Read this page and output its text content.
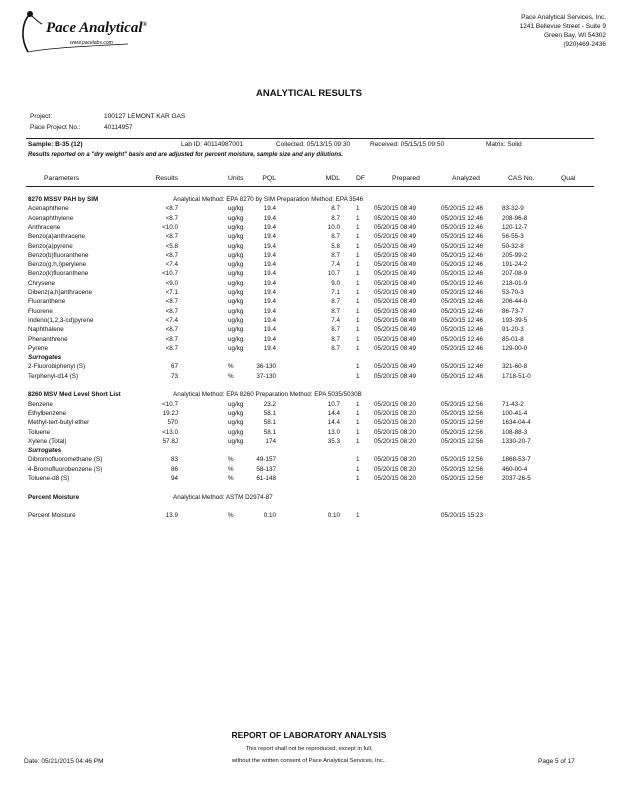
Pace Analytical®
www.pacelabs.com
Pace Analytical Services, Inc.
1241 Bellevue Street - Suite 9
Green Bay, WI 54302
(920)469-2436
ANALYTICAL RESULTS
Project:	100127 LEMONT KAR GAS
Pace Project No.:	40114957
Sample: B-35 (12)	Lab ID: 40114987001	Collected: 05/13/15 09:30	Received: 05/15/15 09:50	Matrix: Solid
Results reported on a "dry weight" basis and are adjusted for percent moisture, sample size and any dilutions.
Parameters	Results	Units	PQL	MDL DF	Prepared	Analyzed	CAS No.	Qual
8270 MSSV PAH by SIM	Analytical Method: EPA 8270 by SIM Preparation Method: EPA 3546
Acenaphthene	<8.7	ug/kg	19.4	8.7	1 05/20/15 08:49	05/20/15 12:46	83-32-9
Acenaphthylene	<8.7	ug/kg	19.4	8.7	1 05/20/15 08:49	05/20/15 12:46	208-96-8
Anthracene	<10.0	ug/kg	19.4	10.0	1 05/20/15 08:49	05/20/15 12:46	120-12-7
Benzo(a)anthracene	<8.7	ug/kg	19.4	8.7	1 05/20/15 08:49	05/20/15 12:46	56-55-3
Benzo(a)pyrene	<5.8	ug/kg	19.4	5.8	1 05/20/15 08:49	05/20/15 12:46	50-32-8
Benzo(b)fluoranthene	<8.7	ug/kg	19.4	8.7	1 05/20/15 08:49	05/20/15 12:46	205-99-2
Benzo(g,h,i)perylene	<7.4	ug/kg	19.4	7.4	1 05/20/15 08:49	05/20/15 12:46	191-24-2
Benzo(k)fluoranthene	<10.7	ug/kg	19.4	10.7	1 05/20/15 08:49	05/20/15 12:46	207-08-9
Chrysene	<9.0	ug/kg	19.4	9.0	1 05/20/15 08:49	05/20/15 12:46	218-01-9
Dibenz(a,h)anthracene	<7.1	ug/kg	19.4	7.1	1 05/20/15 08:49	05/20/15 12:46	53-70-3
Fluoranthene	<8.7	ug/kg	19.4	8.7	1 05/20/15 08:49	05/20/15 12:46	206-44-0
Fluorene	<8.7	ug/kg	19.4	8.7	1 05/20/15 08:49	05/20/15 12:46	86-73-7
Indeno(1,2,3-cd)pyrene	<7.4	ug/kg	19.4	7.4	1 05/20/15 08:49	05/20/15 12:46	193-39-5
Naphthalene	<8.7	ug/kg	19.4	8.7	1 05/20/15 08:49	05/20/15 12:46	91-20-3
Phenanthrene	<8.7	ug/kg	19.4	8.7	1 05/20/15 08:49	05/20/15 12:46	85-01-8
Pyrene	<8.7	ug/kg	19.4	8.7	1 05/20/15 08:49	05/20/15 12:46	129-00-0
Surrogates
2-Fluorobiphenyl (S)	67	%	36-130	1 05/20/15 08:49	05/20/15 12:46	321-60-8
Terphenyl-d14 (S)	73	%	37-130	1 05/20/15 08:49	05/20/15 12:46	1718-51-0
8260 MSV Med Level Short List	Analytical Method: EPA 8260 Preparation Method: EPA 5035/5030B
Benzene	<10.7	ug/kg	23.2	10.7	1 05/20/15 08:20	05/20/15 12:56	71-43-2
Ethylbenzene	19.2J	ug/kg	58.1	14.4	1 05/20/15 08:20	05/20/15 12:56	100-41-4
Methyl-tert-butyl ether	570	ug/kg	58.1	14.4	1 05/20/15 08:20	05/20/15 12:56	1634-04-4
Toluene	<13.0	ug/kg	58.1	13.0	1 05/20/15 08:20	05/20/15 12:56	108-88-3
Xylene (Total)	57.8J	ug/kg	174	35.3	1 05/20/15 08:20	05/20/15 12:56	1330-20-7
Surrogates
Dibromofluoromethane (S)	83	%	49-157	1 05/20/15 08:20	05/20/15 12:56	1868-53-7
4-Bromofluorobenzene (S)	86	%	58-137	1 05/20/15 08:20	05/20/15 12:56	460-00-4
Toluene-d8 (S)	94	%	61-148	1 05/20/15 08:20	05/20/15 12:56	2037-26-5
Percent Moisture	Analytical Method: ASTM D2974-87
Percent Moisture	13.9	%	0.10	0.10	1	05/20/15 15:23
REPORT OF LABORATORY ANALYSIS
This report shall not be reproduced, except in full,
Date: 05/21/2015 04:46 PM	without the written consent of Pace Analytical Services, Inc..	Page 5 of 17
